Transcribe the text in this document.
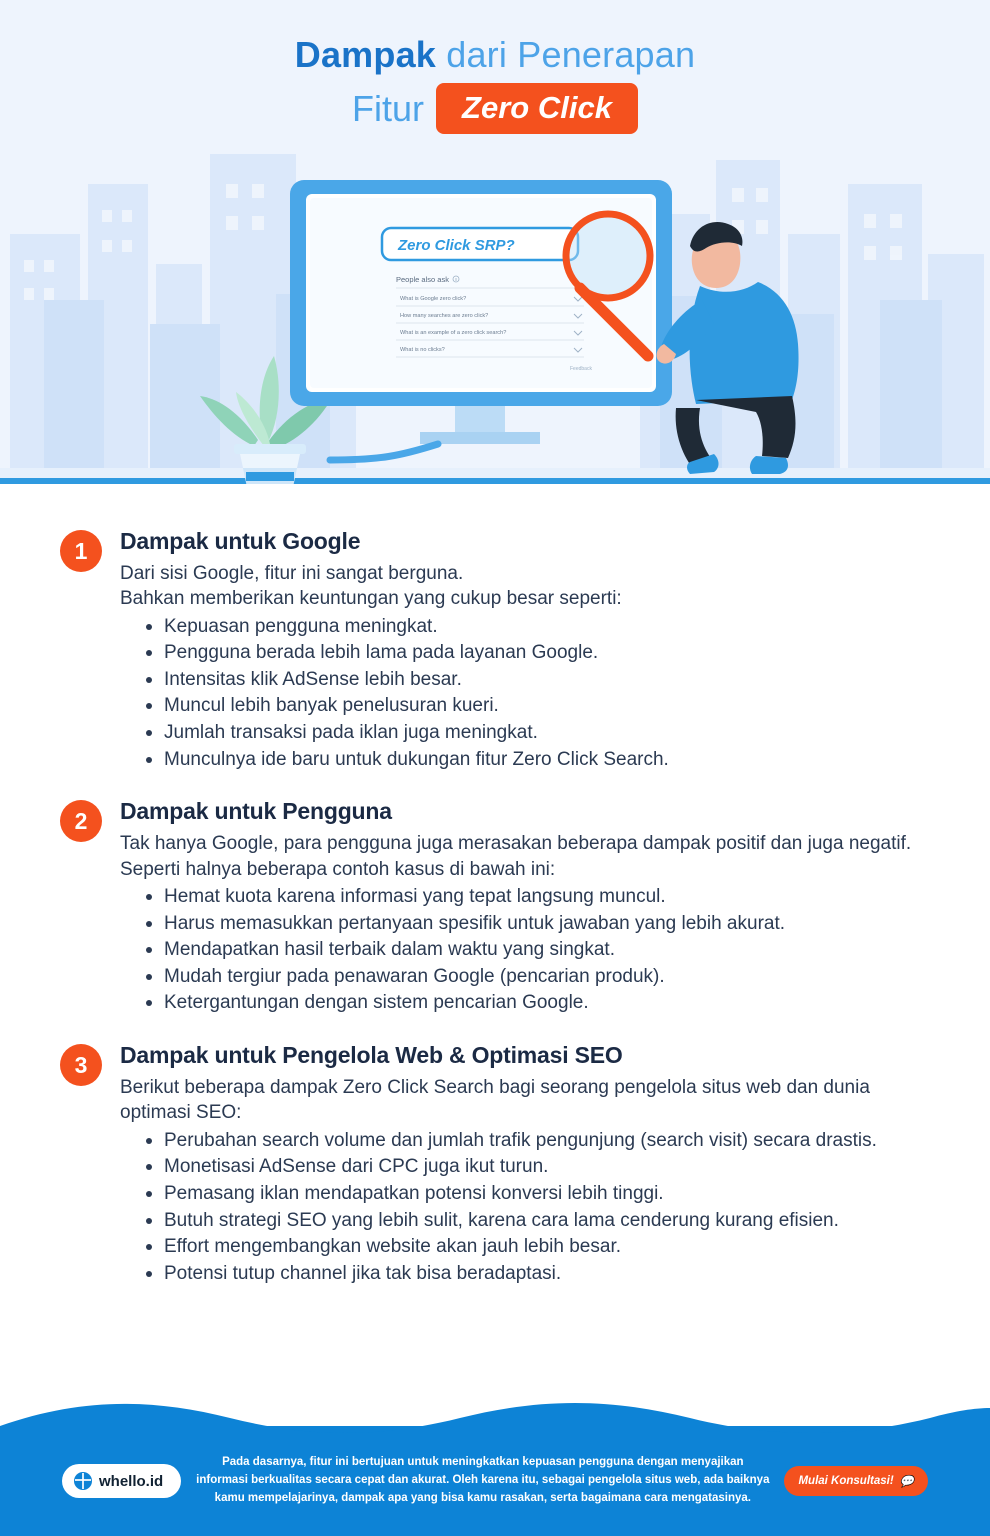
Dampak dari Penerapan
Fitur	Zero Click
Zero Click SRP?
People also ask
What is Google zero click?
How many searches are zero click?
What is an example of a zero click search?
What is no clicks?
Feedback
1	Dampak untuk Google
Dari sisi Google, fitur ini sangat berguna.
Bahkan memberikan keuntungan yang cukup besar seperti:
Kepuasan pengguna meningkat.
Pengguna berada lebih lama pada layanan Google.
Intensitas klik AdSense lebih besar.
Muncul lebih banyak penelusuran kueri.
Jumlah transaksi pada iklan juga meningkat.
Munculnya ide baru untuk dukungan fitur Zero Click Search.
2	Dampak untuk Pengguna
Tak hanya Google, para pengguna juga merasakan beberapa dampak positif dan juga negatif. Seperti halnya beberapa contoh kasus di bawah ini:
Hemat kuota karena informasi yang tepat langsung muncul.
Harus memasukkan pertanyaan spesifik untuk jawaban yang lebih akurat.
Mendapatkan hasil terbaik dalam waktu yang singkat.
Mudah tergiur pada penawaran Google (pencarian produk).
Ketergantungan dengan sistem pencarian Google.
3	Dampak untuk Pengelola Web & Optimasi SEO
Berikut beberapa dampak Zero Click Search bagi seorang pengelola situs web dan dunia optimasi SEO:
Perubahan search volume dan jumlah trafik pengunjung (search visit) secara drastis.
Monetisasi AdSense dari CPC juga ikut turun.
Pemasang iklan mendapatkan potensi konversi lebih tinggi.
Butuh strategi SEO yang lebih sulit, karena cara lama cenderung kurang efisien.
Effort mengembangkan website akan jauh lebih besar.
Potensi tutup channel jika tak bisa beradaptasi.
whello.id
Pada dasarnya, fitur ini bertujuan untuk meningkatkan kepuasan pengguna dengan menyajikan informasi berkualitas secara cepat dan akurat. Oleh karena itu, sebagai pengelola situs web, ada baiknya kamu mempelajarinya, dampak apa yang bisa kamu rasakan, serta bagaimana cara mengatasinya.
Mulai Konsultasi! 💬
